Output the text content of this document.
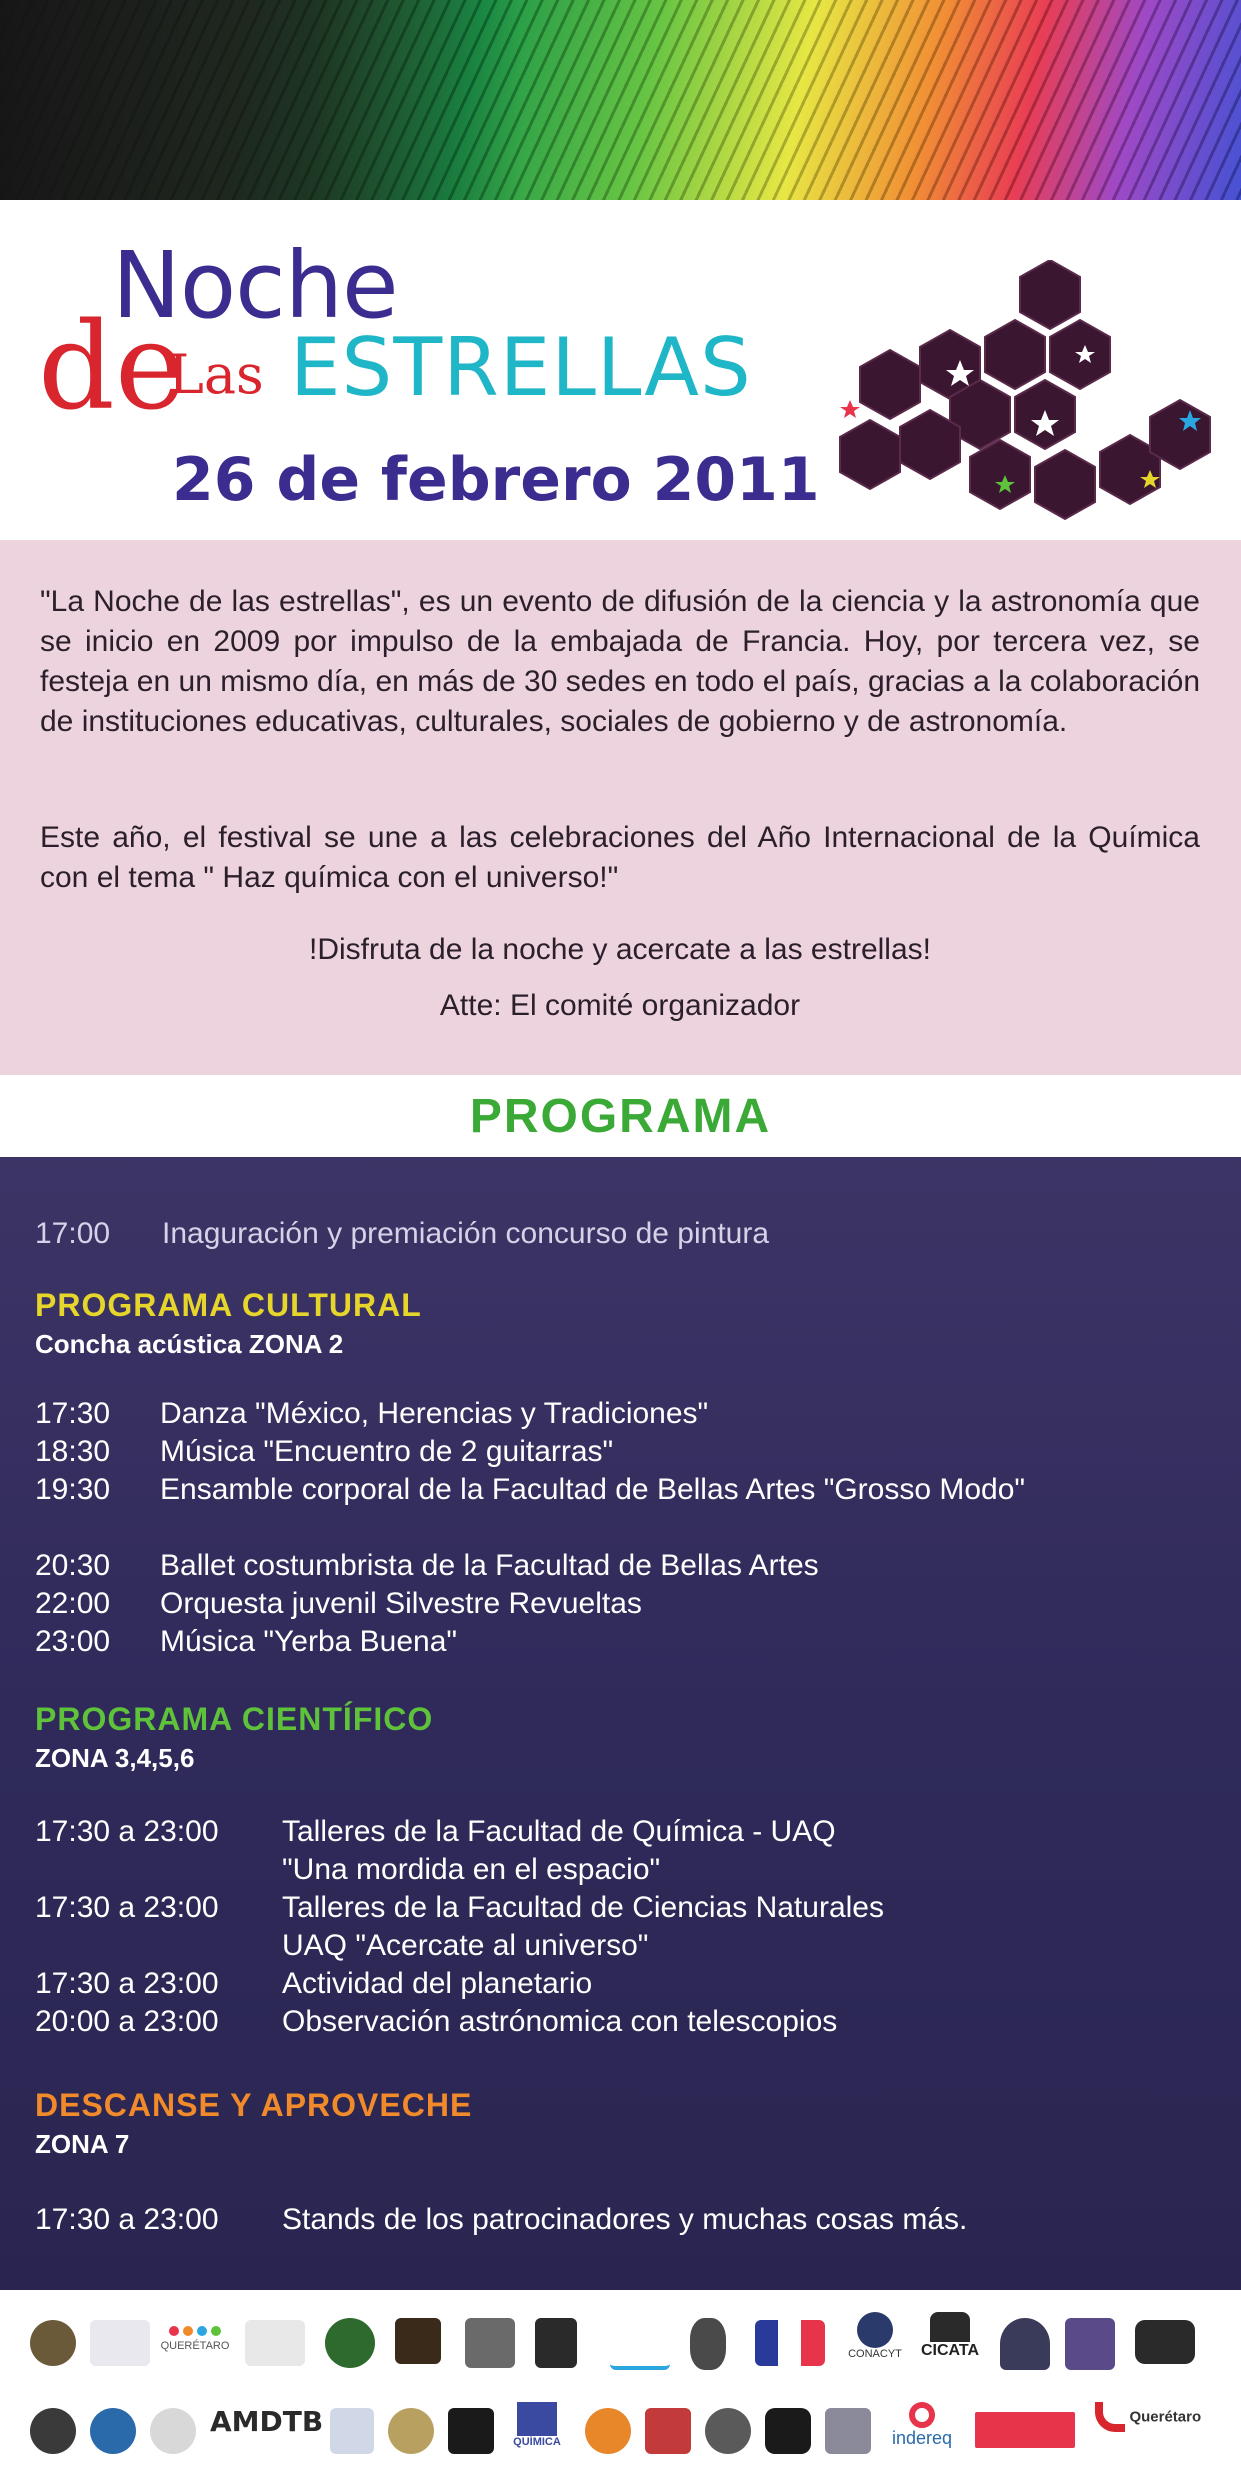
Noche
de
Las ESTRELLAS
26 de febrero 2011

"La Noche de las estrellas", es un evento de difusión de la ciencia y la astronomía que se inicio en 2009 por impulso de la embajada de Francia. Hoy, por tercera vez, se festeja en un mismo día, en más de 30 sedes en todo el país, gracias a la colaboración de instituciones educativas, culturales, sociales de gobierno y de astronomía.

Este año, el festival se une a las celebraciones del Año Internacional de la Química con el tema " Haz química con el universo!"

!Disfruta de la noche y acercate a las estrellas!

Atte: El comité organizador

PROGRAMA
17:00 Inaguración y premiación concurso de pintura
PROGRAMA CULTURAL
Concha acústica ZONA 2
17:30 Danza "México, Herencias y Tradiciones"
18:30 Música "Encuentro de 2 guitarras"
19:30 Ensamble corporal de la Facultad de Bellas Artes "Grosso Modo"
20:30 Ballet costumbrista de la Facultad de Bellas Artes
22:00 Orquesta juvenil Silvestre Revueltas
23:00 Música "Yerba Buena"
PROGRAMA CIENTÍFICO
ZONA 3,4,5,6
17:30 a 23:00 Talleres de la Facultad de Química - UAQ
"Una mordida en el espacio"
17:30 a 23:00 Talleres de la Facultad de Ciencias Naturales
UAQ "Acercate al universo"
17:30 a 23:00 Actividad del planetario
20:00 a 23:00 Observación astrónomica con telescopios
DESCANSE Y APROVECHE
ZONA 7
17:30 a 23:00 Stands de los patrocinadores y muchas cosas más.
QUERÉTARO
CONACYT	CICATA
AMDTB
QUÍMICA	indereq
Querétaro
